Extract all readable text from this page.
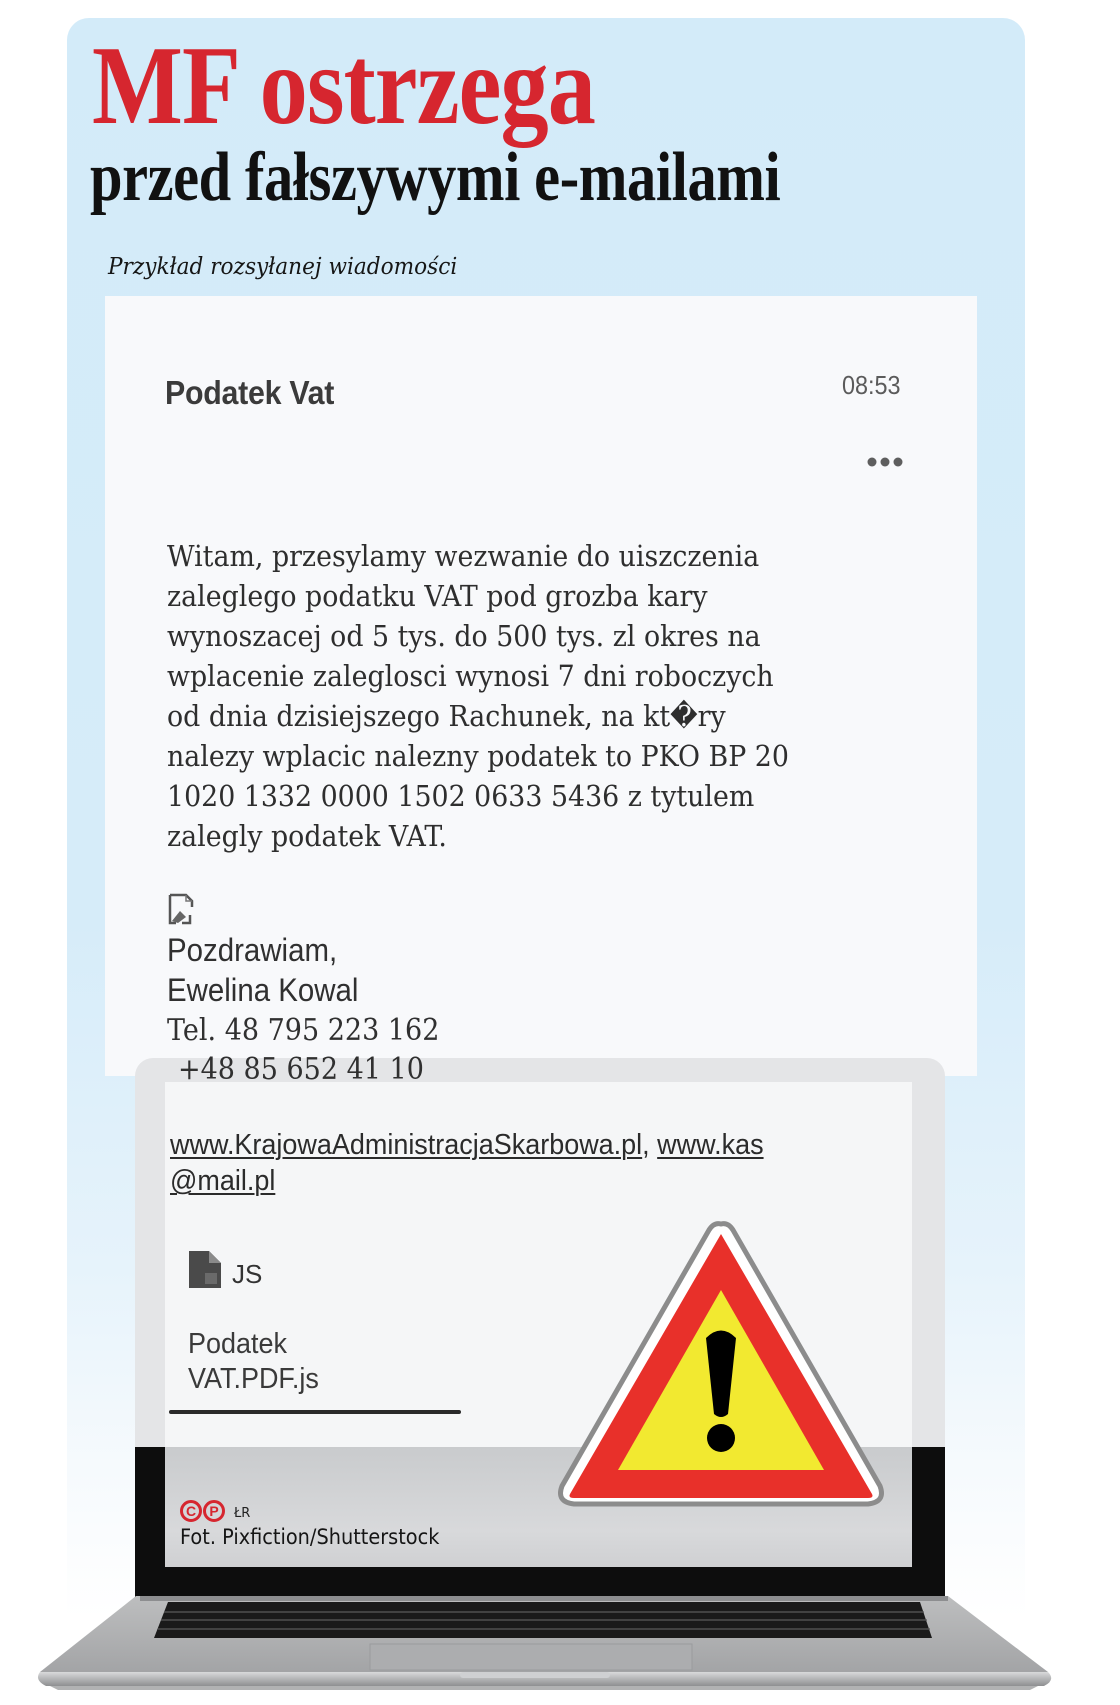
MF ostrzega
przed fałszywymi e-mailami
Przykład rozsyłanej wiadomości
Podatek Vat	08:53
Witam, przesylamy wezwanie do uiszczenia
zaleglego podatku VAT pod grozba kary
wynoszacej od 5 tys. do 500 tys. zl okres na
wplacenie zaleglosci wynosi 7 dni roboczych
od dnia dzisiejszego Rachunek, na kt�ry
nalezy wplacic nalezny podatek to PKO BP 20
1020 1332 0000 1502 0633 5436 z tytulem
zalegly podatek VAT.
Pozdrawiam,
Ewelina Kowal
Tel. 48 795 223 162
+48 85 652 41 10
www.KrajowaAdministracjaSkarbowa.pl, www.kas
@mail.pl
JS
Podatek
VAT.PDF.js
C P ŁR
Fot. Pixfiction/Shutterstock
